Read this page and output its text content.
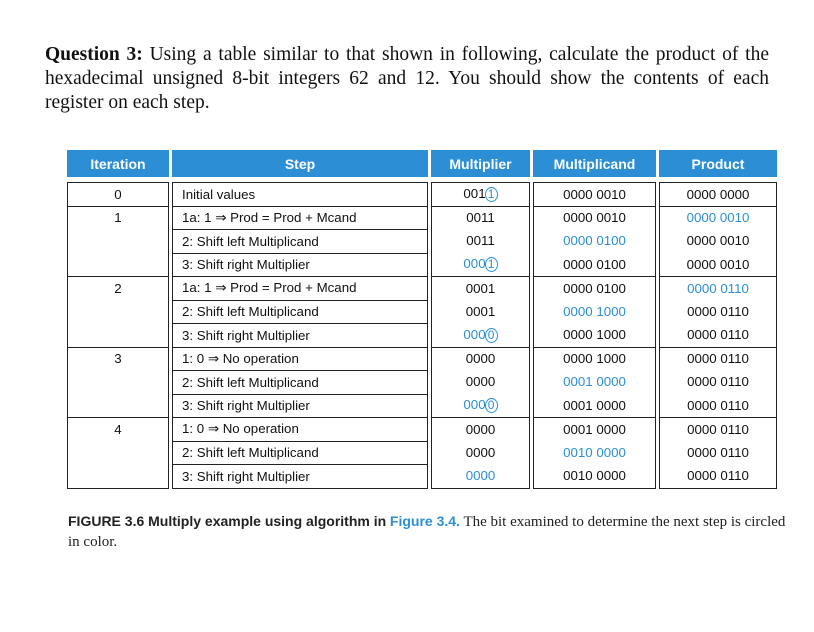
Question 3: Using a table similar to that shown in following, calculate the product of the hexadecimal unsigned 8-bit integers 62 and 12. You should show the contents of each register on each step.
Iteration	Step	Multiplier	Multiplicand	Product
0	Initial values	001 1	0000 0010	0000 0000
1	1a: 1 ⇒ Prod = Prod + Mcand	0011	0000 0010	0000 0010
	2: Shift left Multiplicand	0011	0000 0100	0000 0010
	3: Shift right Multiplier	000 1	0000 0100	0000 0010
2	1a: 1 ⇒ Prod = Prod + Mcand	0001	0000 0100	0000 0110
	2: Shift left Multiplicand	0001	0000 1000	0000 0110
	3: Shift right Multiplier	000 0	0000 1000	0000 0110
3	1: 0 ⇒ No operation	0000	0000 1000	0000 0110
	2: Shift left Multiplicand	0000	0001 0000	0000 0110
	3: Shift right Multiplier	000 0	0001 0000	0000 0110
4	1: 0 ⇒ No operation	0000	0001 0000	0000 0110
	2: Shift left Multiplicand	0000	0010 0000	0000 0110
	3: Shift right Multiplier	0000	0010 0000	0000 0110
FIGURE 3.6 Multiply example using algorithm in Figure 3.4. The bit examined to determine the next step is circled in color.
